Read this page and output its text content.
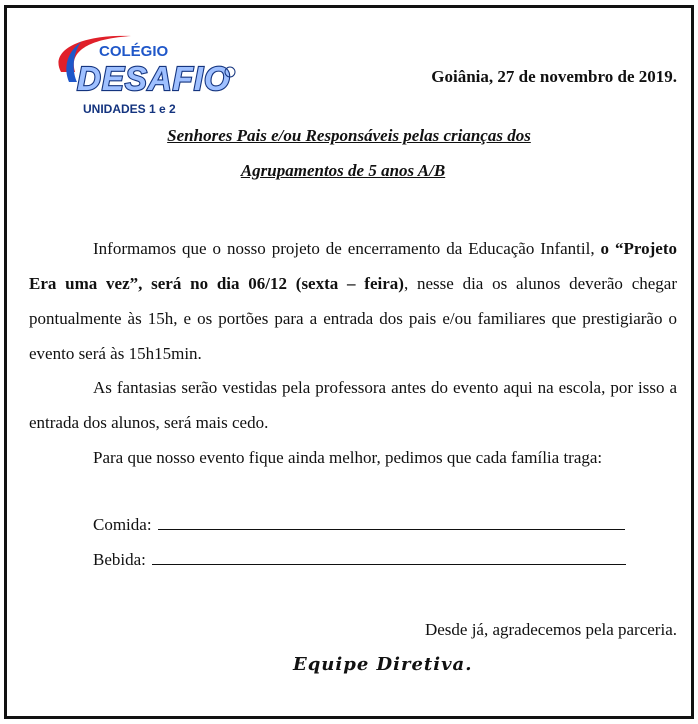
COLÉGIO
DESAFIO
UNIDADES 1 e 2
Goiânia, 27 de novembro de 2019.
Senhores Pais e/ou Responsáveis pelas crianças dos
Agrupamentos de 5 anos A/B
Informamos que o nosso projeto de encerramento da Educação Infantil, o “Projeto Era uma vez”, será no dia 06/12 (sexta – feira), nesse dia os alunos deverão chegar pontualmente às 15h, e os portões para a entrada dos pais e/ou familiares que prestigiarão o evento será às 15h15min.
As fantasias serão vestidas pela professora antes do evento aqui na escola, por isso a entrada dos alunos, será mais cedo.
Para que nosso evento fique ainda melhor, pedimos que cada família traga:
Comida:
Bebida:
Desde já, agradecemos pela parceria.
Equipe Diretiva.
